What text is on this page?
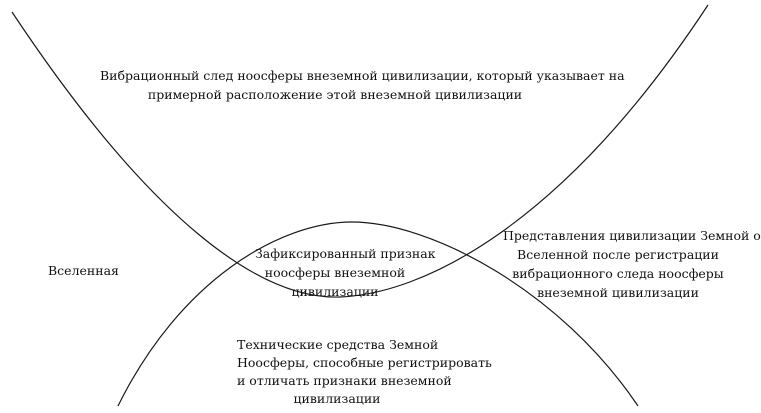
Вибрационный след ноосферы внеземной цивилизации, который указывает на
примерной расположение этой внеземной цивилизации
Вселенная
Зафиксированный признак
ноосферы внеземной
цивилизации
Представления цивилизации Земной о
Вселенной после регистрации
вибрационного следа ноосферы
внеземной цивилизации
Технические средства Земной
Ноосферы, способные регистрировать
и отличать признаки внеземной
цивилизации
